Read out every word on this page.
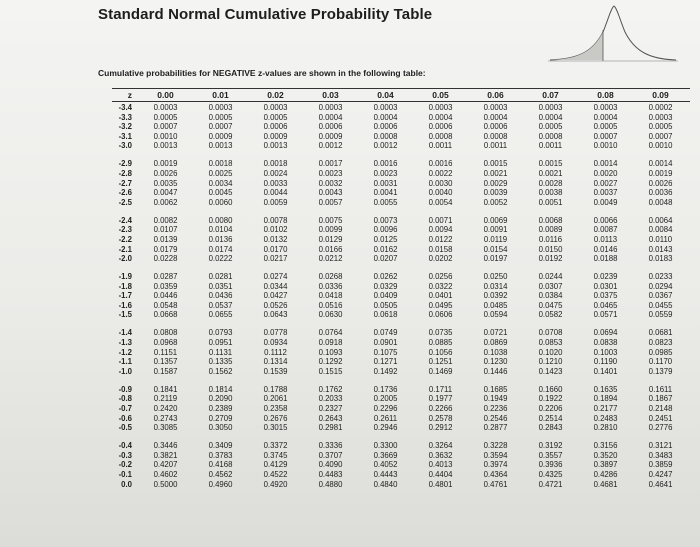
Standard Normal Cumulative Probability Table
Cumulative probabilities for NEGATIVE z-values are shown in the following table:
z	0.00	0.01	0.02	0.03	0.04	0.05	0.06	0.07	0.08	0.09
-3.4	0.0003	0.0003	0.0003	0.0003	0.0003	0.0003	0.0003	0.0003	0.0003	0.0002
-3.3	0.0005	0.0005	0.0005	0.0004	0.0004	0.0004	0.0004	0.0004	0.0004	0.0003
-3.2	0.0007	0.0007	0.0006	0.0006	0.0006	0.0006	0.0006	0.0005	0.0005	0.0005
-3.1	0.0010	0.0009	0.0009	0.0009	0.0008	0.0008	0.0008	0.0008	0.0007	0.0007
-3.0	0.0013	0.0013	0.0013	0.0012	0.0012	0.0011	0.0011	0.0011	0.0010	0.0010
-2.9	0.0019	0.0018	0.0018	0.0017	0.0016	0.0016	0.0015	0.0015	0.0014	0.0014
-2.8	0.0026	0.0025	0.0024	0.0023	0.0023	0.0022	0.0021	0.0021	0.0020	0.0019
-2.7	0.0035	0.0034	0.0033	0.0032	0.0031	0.0030	0.0029	0.0028	0.0027	0.0026
-2.6	0.0047	0.0045	0.0044	0.0043	0.0041	0.0040	0.0039	0.0038	0.0037	0.0036
-2.5	0.0062	0.0060	0.0059	0.0057	0.0055	0.0054	0.0052	0.0051	0.0049	0.0048
-2.4	0.0082	0.0080	0.0078	0.0075	0.0073	0.0071	0.0069	0.0068	0.0066	0.0064
-2.3	0.0107	0.0104	0.0102	0.0099	0.0096	0.0094	0.0091	0.0089	0.0087	0.0084
-2.2	0.0139	0.0136	0.0132	0.0129	0.0125	0.0122	0.0119	0.0116	0.0113	0.0110
-2.1	0.0179	0.0174	0.0170	0.0166	0.0162	0.0158	0.0154	0.0150	0.0146	0.0143
-2.0	0.0228	0.0222	0.0217	0.0212	0.0207	0.0202	0.0197	0.0192	0.0188	0.0183
-1.9	0.0287	0.0281	0.0274	0.0268	0.0262	0.0256	0.0250	0.0244	0.0239	0.0233
-1.8	0.0359	0.0351	0.0344	0.0336	0.0329	0.0322	0.0314	0.0307	0.0301	0.0294
-1.7	0.0446	0.0436	0.0427	0.0418	0.0409	0.0401	0.0392	0.0384	0.0375	0.0367
-1.6	0.0548	0.0537	0.0526	0.0516	0.0505	0.0495	0.0485	0.0475	0.0465	0.0455
-1.5	0.0668	0.0655	0.0643	0.0630	0.0618	0.0606	0.0594	0.0582	0.0571	0.0559
-1.4	0.0808	0.0793	0.0778	0.0764	0.0749	0.0735	0.0721	0.0708	0.0694	0.0681
-1.3	0.0968	0.0951	0.0934	0.0918	0.0901	0.0885	0.0869	0.0853	0.0838	0.0823
-1.2	0.1151	0.1131	0.1112	0.1093	0.1075	0.1056	0.1038	0.1020	0.1003	0.0985
-1.1	0.1357	0.1335	0.1314	0.1292	0.1271	0.1251	0.1230	0.1210	0.1190	0.1170
-1.0	0.1587	0.1562	0.1539	0.1515	0.1492	0.1469	0.1446	0.1423	0.1401	0.1379
-0.9	0.1841	0.1814	0.1788	0.1762	0.1736	0.1711	0.1685	0.1660	0.1635	0.1611
-0.8	0.2119	0.2090	0.2061	0.2033	0.2005	0.1977	0.1949	0.1922	0.1894	0.1867
-0.7	0.2420	0.2389	0.2358	0.2327	0.2296	0.2266	0.2236	0.2206	0.2177	0.2148
-0.6	0.2743	0.2709	0.2676	0.2643	0.2611	0.2578	0.2546	0.2514	0.2483	0.2451
-0.5	0.3085	0.3050	0.3015	0.2981	0.2946	0.2912	0.2877	0.2843	0.2810	0.2776
-0.4	0.3446	0.3409	0.3372	0.3336	0.3300	0.3264	0.3228	0.3192	0.3156	0.3121
-0.3	0.3821	0.3783	0.3745	0.3707	0.3669	0.3632	0.3594	0.3557	0.3520	0.3483
-0.2	0.4207	0.4168	0.4129	0.4090	0.4052	0.4013	0.3974	0.3936	0.3897	0.3859
-0.1	0.4602	0.4562	0.4522	0.4483	0.4443	0.4404	0.4364	0.4325	0.4286	0.4247
0.0	0.5000	0.4960	0.4920	0.4880	0.4840	0.4801	0.4761	0.4721	0.4681	0.4641
